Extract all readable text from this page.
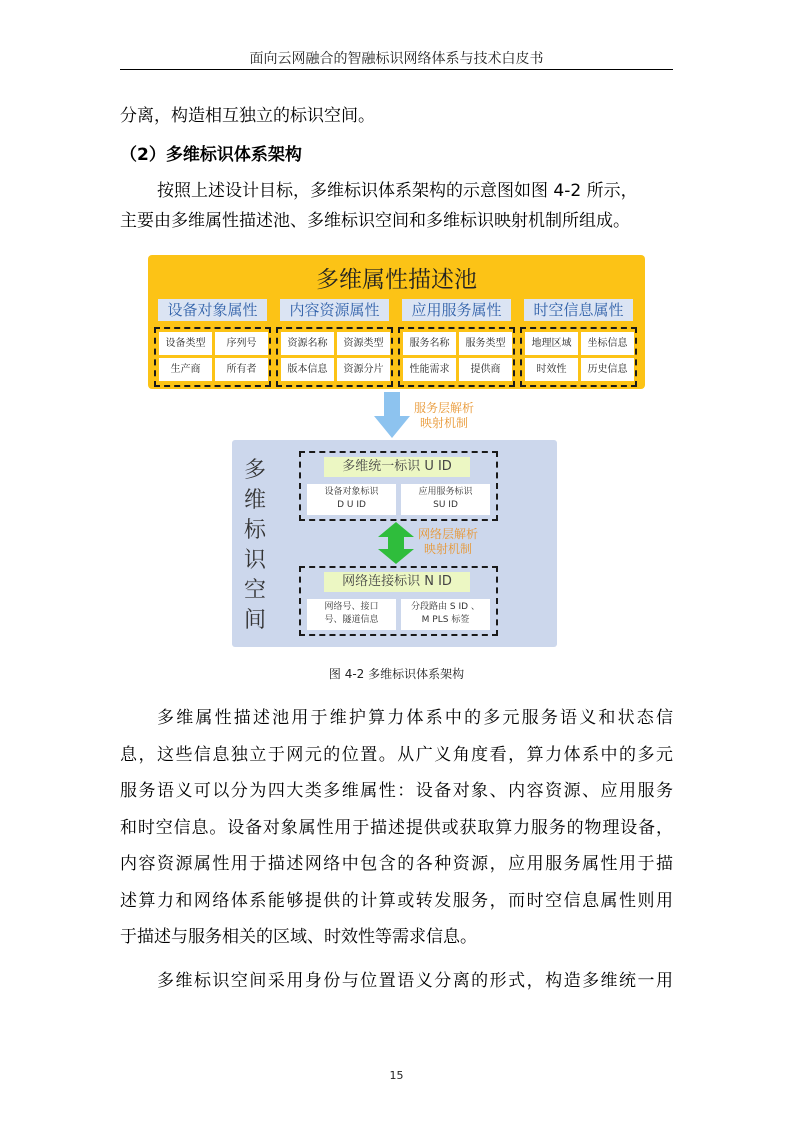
面向云网融合的智融标识网络体系与技术白皮书

分离，构造相互独立的标识空间。

（2）多维标识体系架构

按照上述设计目标，多维标识体系架构的示意图如图 4-2 所示，
主要由多维属性描述池、多维标识空间和多维标识映射机制所组成。

多维属性描述池
设备对象属性
设备类型	序列号
生产商	所有者
内容资源属性
资源名称	资源类型
版本信息	资源分片
应用服务属性
服务名称	服务类型
性能需求	提供商
时空信息属性
地理区域	坐标信息
时效性	历史信息
服务层解析
映射机制
多
维
标
识
空
间
多维统一标识 U ID
设备对象标识
D U ID
应用服务标识
SU ID
网络层解析
映射机制
网络连接标识 N ID
网络号、接口
号、隧道信息
分段路由 S ID 、
M PLS 标签
图 4-2 多维标识体系架构

多维属性描述池用于维护算力体系中的多元服务语义和状态信
息，这些信息独立于网元的位置。从广义角度看，算力体系中的多元
服务语义可以分为四大类多维属性：设备对象、内容资源、应用服务
和时空信息。设备对象属性用于描述提供或获取算力服务的物理设备，
内容资源属性用于描述网络中包含的各种资源，应用服务属性用于描
述算力和网络体系能够提供的计算或转发服务，而时空信息属性则用
于描述与服务相关的区域、时效性等需求信息。

多维标识空间采用身份与位置语义分离的形式，构造多维统一用

15
